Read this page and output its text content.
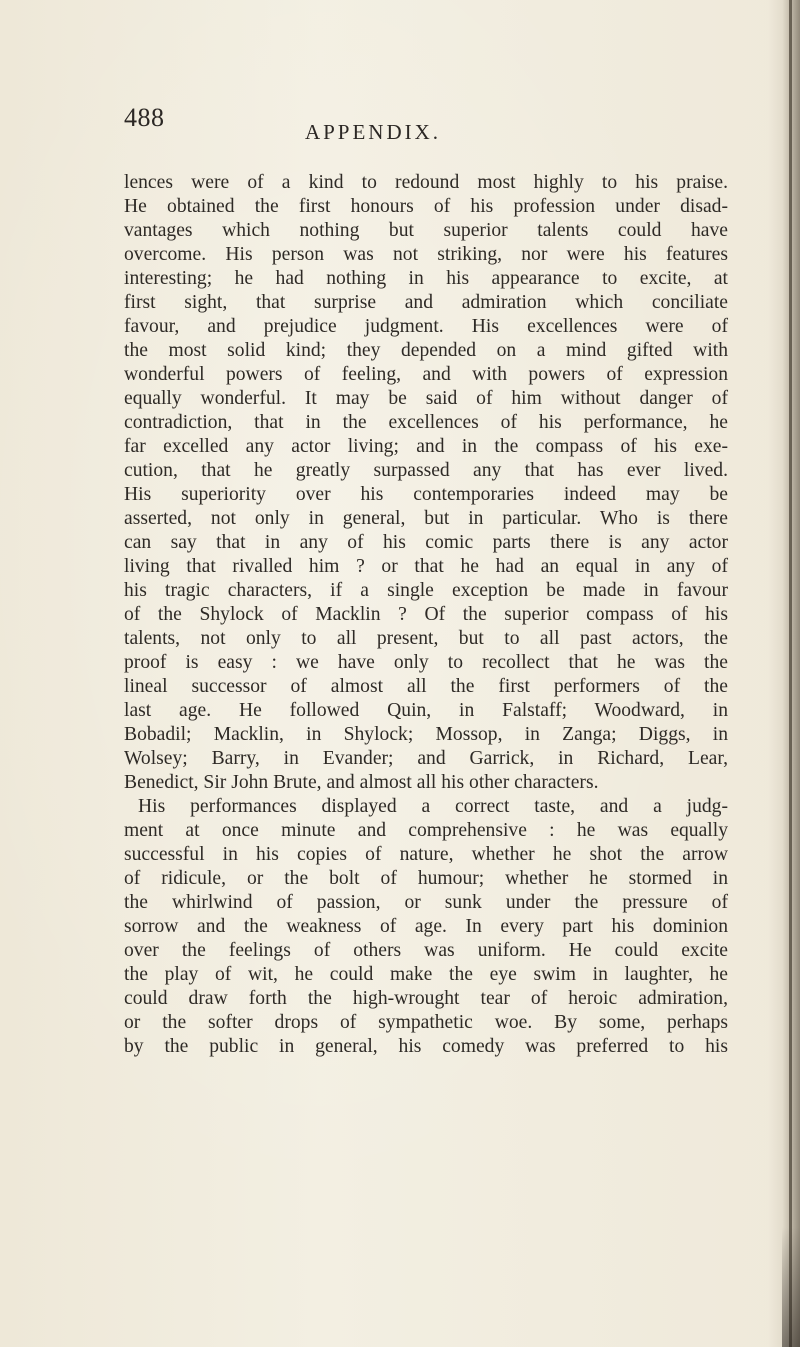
488	APPENDIX.
lences were of a kind to redound most highly to his praise.
He obtained the first honours of his profession under disad-
vantages which nothing but superior talents could have
overcome. His person was not striking, nor were his features
interesting; he had nothing in his appearance to excite, at
first sight, that surprise and admiration which conciliate
favour, and prejudice judgment. His excellences were of
the most solid kind; they depended on a mind gifted with
wonderful powers of feeling, and with powers of expression
equally wonderful. It may be said of him without danger of
contradiction, that in the excellences of his performance, he
far excelled any actor living; and in the compass of his exe-
cution, that he greatly surpassed any that has ever lived.
His superiority over his contemporaries indeed may be
asserted, not only in general, but in particular. Who is there
can say that in any of his comic parts there is any actor
living that rivalled him ? or that he had an equal in any of
his tragic characters, if a single exception be made in favour
of the Shylock of Macklin ? Of the superior compass of his
talents, not only to all present, but to all past actors, the
proof is easy : we have only to recollect that he was the
lineal successor of almost all the first performers of the
last age. He followed Quin, in Falstaff; Woodward, in
Bobadil; Macklin, in Shylock; Mossop, in Zanga; Diggs, in
Wolsey; Barry, in Evander; and Garrick, in Richard, Lear,
Benedict, Sir John Brute, and almost all his other characters.
His performances displayed a correct taste, and a judg-
ment at once minute and comprehensive : he was equally
successful in his copies of nature, whether he shot the arrow
of ridicule, or the bolt of humour; whether he stormed in
the whirlwind of passion, or sunk under the pressure of
sorrow and the weakness of age. In every part his dominion
over the feelings of others was uniform. He could excite
the play of wit, he could make the eye swim in laughter, he
could draw forth the high-wrought tear of heroic admiration,
or the softer drops of sympathetic woe. By some, perhaps
by the public in general, his comedy was preferred to his
